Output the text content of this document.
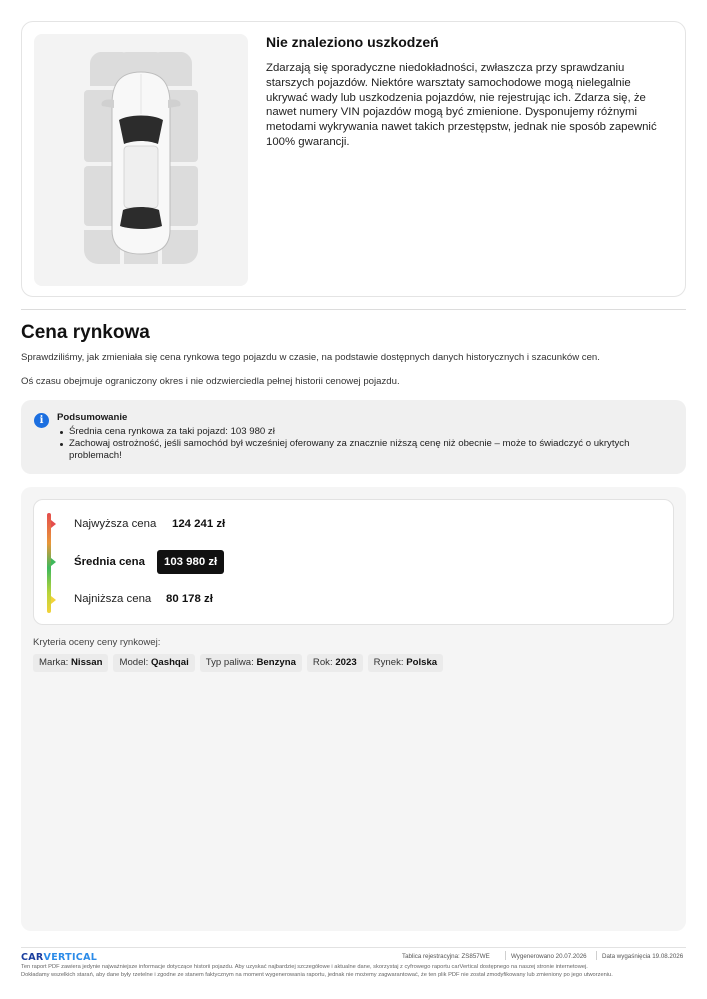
Nie znaleziono uszkodzeń
Zdarzają się sporadyczne niedokładności, zwłaszcza przy sprawdzaniu starszych pojazdów. Niektóre warsztaty samochodowe mogą nielegalnie ukrywać wady lub uszkodzenia pojazdów, nie rejestrując ich. Zdarza się, że nawet numery VIN pojazdów mogą być zmienione. Dysponujemy różnymi metodami wykrywania nawet takich przestępstw, jednak nie sposób zapewnić 100% gwarancji.
Cena rynkowa
Sprawdziliśmy, jak zmieniała się cena rynkowa tego pojazdu w czasie, na podstawie dostępnych danych historycznych i szacunków cen.
Oś czasu obejmuje ograniczony okres i nie odzwierciedla pełnej historii cenowej pojazdu.
i	Podsumowanie
Średnia cena rynkowa za taki pojazd: 103 980 zł
Zachowaj ostrożność, jeśli samochód był wcześniej oferowany za znacznie niższą cenę niż obecnie – może to świadczyć o ukrytych problemach!
Najwyższa cena 124 241 zł
Średnia cena	103 980 zł
Najniższa cena 80 178 zł
Kryteria oceny ceny rynkowej:
Marka: Nissan	Model: Qashqai	Typ paliwa: Benzyna	Rok: 2023	Rynek: Polska
CARVERTICAL	Tablica rejestracyjna: ZS857WE	Wygenerowano 20.07.2026 Data wygaśnięcia 19.08.2026
Ten raport PDF zawiera jedynie najważniejsze informacje dotyczące historii pojazdu. Aby uzyskać najbardziej szczegółowe i aktualne dane, skorzystaj z cyfrowego raportu carVertical dostępnego na naszej stronie internetowej.
Dokładamy wszelkich starań, aby dane były rzetelne i zgodne ze stanem faktycznym na moment wygenerowania raportu, jednak nie możemy zagwarantować, że ten plik PDF nie został zmodyfikowany lub zmieniony po jego utworzeniu.
